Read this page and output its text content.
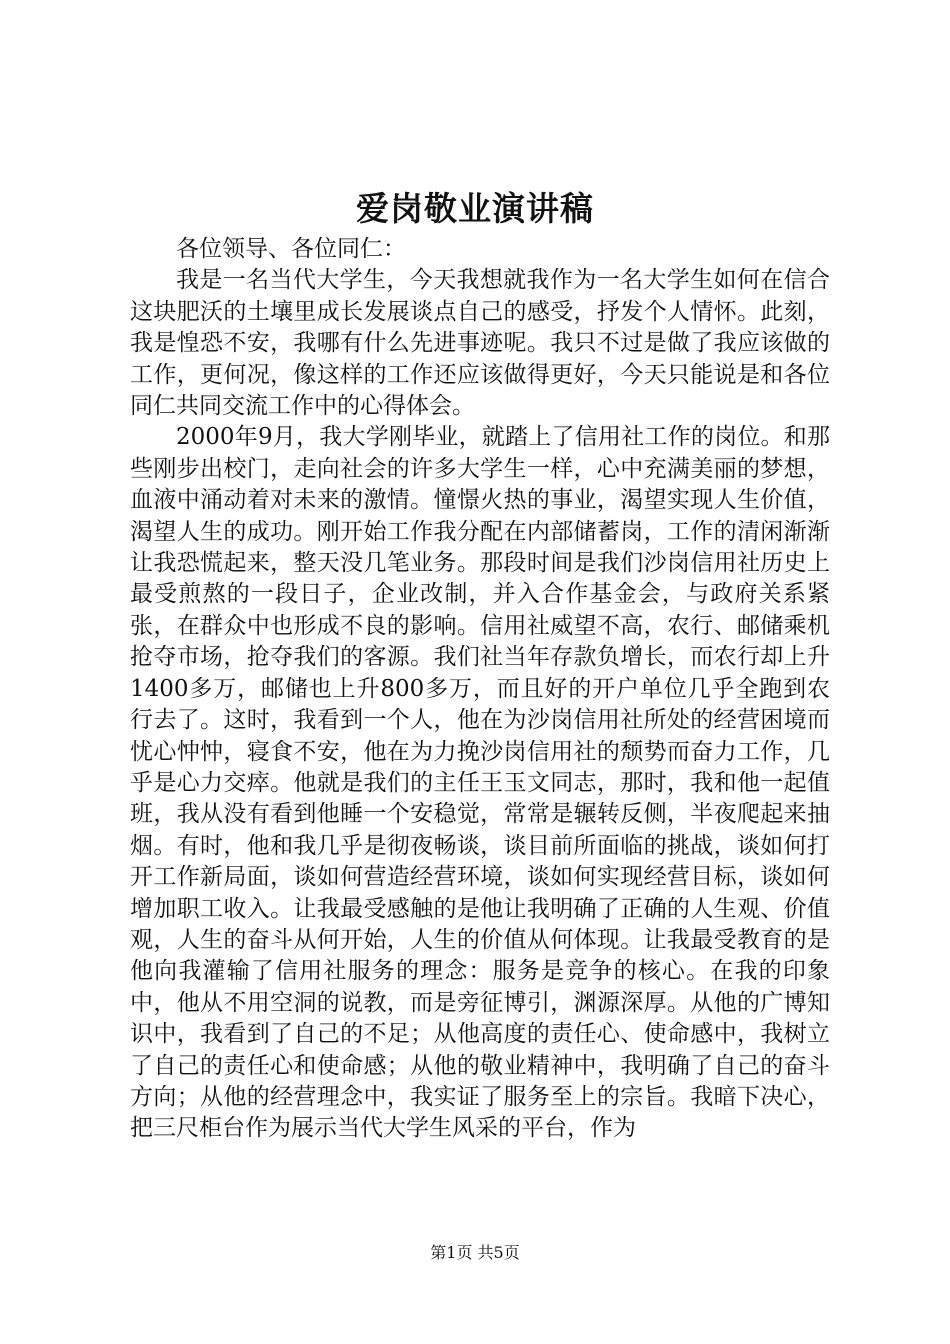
爱岗敬业演讲稿

各位领导、各位同仁：

我是一名当代大学生，今天我想就我作为一名大学生如何在信合这块肥沃的土壤里成长发展谈点自己的感受，抒发个人情怀。此刻，我是惶恐不安，我哪有什么先进事迹呢。我只不过是做了我应该做的工作，更何况，像这样的工作还应该做得更好，今天只能说是和各位同仁共同交流工作中的心得体会。

2000年9月，我大学刚毕业，就踏上了信用社工作的岗位。和那些刚步出校门，走向社会的许多大学生一样，心中充满美丽的梦想，血液中涌动着对未来的激情。憧憬火热的事业，渴望实现人生价值，渴望人生的成功。刚开始工作我分配在内部储蓄岗，工作的清闲渐渐让我恐慌起来，整天没几笔业务。那段时间是我们沙岗信用社历史上最受煎熬的一段日子，企业改制，并入合作基金会，与政府关系紧张，在群众中也形成不良的影响。信用社威望不高，农行、邮储乘机抢夺市场，抢夺我们的客源。我们社当年存款负增长，而农行却上升1400多万，邮储也上升800多万，而且好的开户单位几乎全跑到农行去了。这时，我看到一个人，他在为沙岗信用社所处的经营困境而忧心忡忡，寝食不安，他在为力挽沙岗信用社的颓势而奋力工作，几乎是心力交瘁。他就是我们的主任王玉文同志，那时，我和他一起值班，我从没有看到他睡一个安稳觉，常常是辗转反侧，半夜爬起来抽烟。有时，他和我几乎是彻夜畅谈，谈目前所面临的挑战，谈如何打开工作新局面，谈如何营造经营环境，谈如何实现经营目标，谈如何增加职工收入。让我最受感触的是他让我明确了正确的人生观、价值观，人生的奋斗从何开始，人生的价值从何体现。让我最受教育的是他向我灌输了信用社服务的理念：服务是竞争的核心。在我的印象中，他从不用空洞的说教，而是旁征博引，渊源深厚。从他的广博知识中，我看到了自己的不足；从他高度的责任心、使命感中，我树立了自己的责任心和使命感；从他的敬业精神中，我明确了自己的奋斗方向；从他的经营理念中，我实证了服务至上的宗旨。我暗下决心，把三尺柜台作为展示当代大学生风采的平台，作为

第1页 共5页
